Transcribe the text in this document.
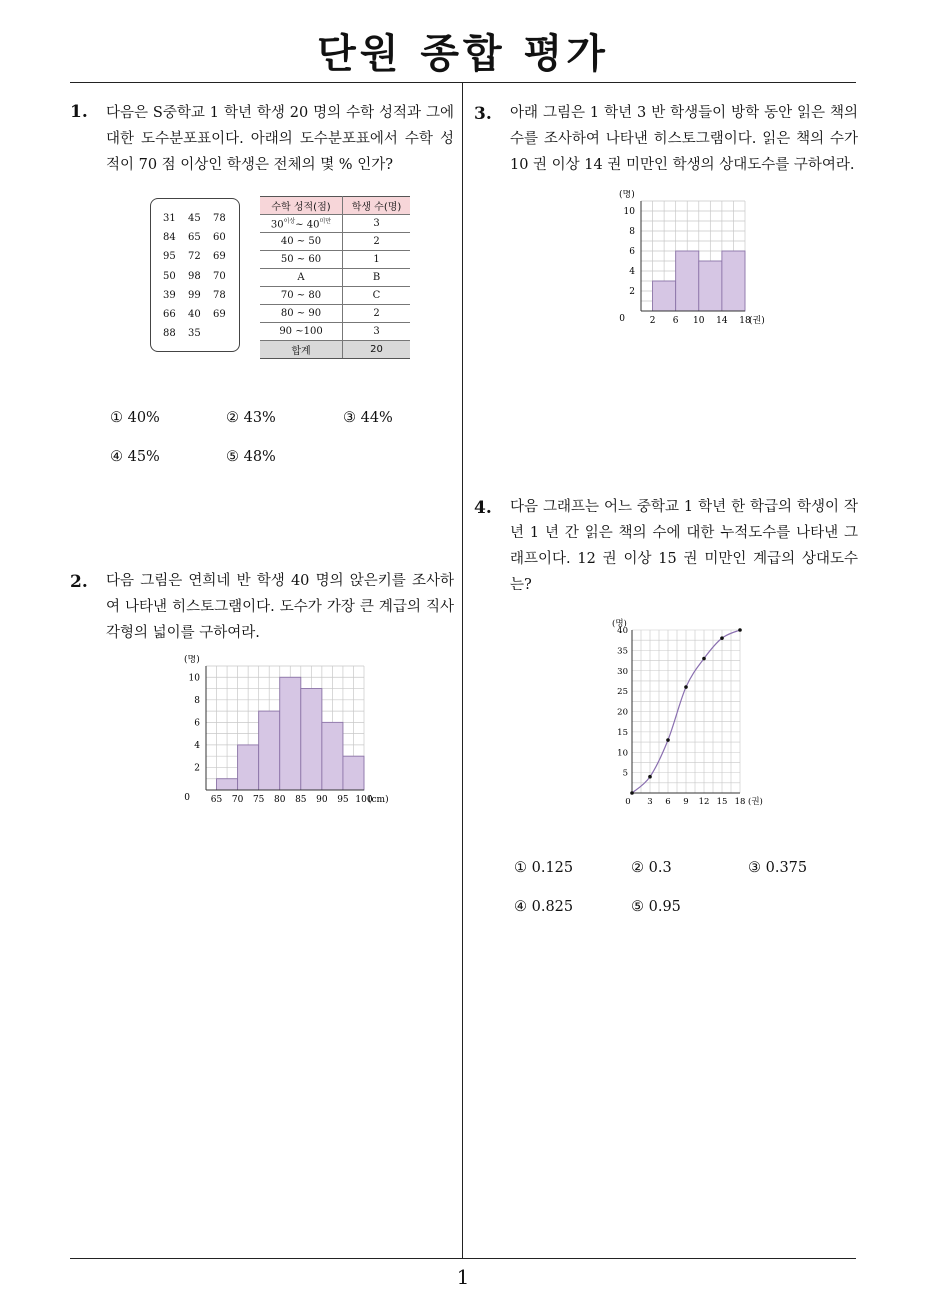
단원 종합 평가
1
1. 다음은 S중학교 1 학년 학생 20 명의 수학 성적과 그에 대한 도수분포표이다. 아래의 도수분포표에서 수학 성적이 70 점 이상인 학생은 전체의 몇 % 인가?
31 45 78
84 65 60
95 72 69
50 98 70
39 99 78
66 40 69
88 35
수학 성적(점)	학생 수(명)
$30^{이상}\sim$ $40^{미만}$	3
40 ~ 50	2
50 ~ 60	1
A	B
70 ~ 80	C
80 ~ 90	2
90 ~100	3
합계	20
① 40%	② 43%	③ 44%
④ 45%	⑤ 48%
2. 다음 그림은 연희네 반 학생 40 명의 앉은키를 조사하여 나타낸 히스토그램이다. 도수가 가장 큰 계급의 직사각형의 넓이를 구하여라.
65 70 75 80 85 90 95 100
0
2
4
6
8
10
(명)
(cm)
3. 아래 그림은 1 학년 3 반 학생들이 방학 동안 읽은 책의 수를 조사하여 나타낸 히스토그램이다. 읽은 책의 수가 10 권 이상 14 권 미만인 학생의 상대도수를 구하여라.
2 6 10 14 18
0
2
4
6
8
10
(명)
(권)
4. 다음 그래프는 어느 중학교 1 학년 한 학급의 학생이 작년 1 년 간 읽은 책의 수에 대한 누적도수를 나타낸 그래프이다. 12 권 이상 15 권 미만인 계급의 상대도수는?
0 3 6 9 12 15 18
5
10
15
20
25
30
35
40
(명)
(권)
① 0.125	② 0.3	③ 0.375
④ 0.825	⑤ 0.95
